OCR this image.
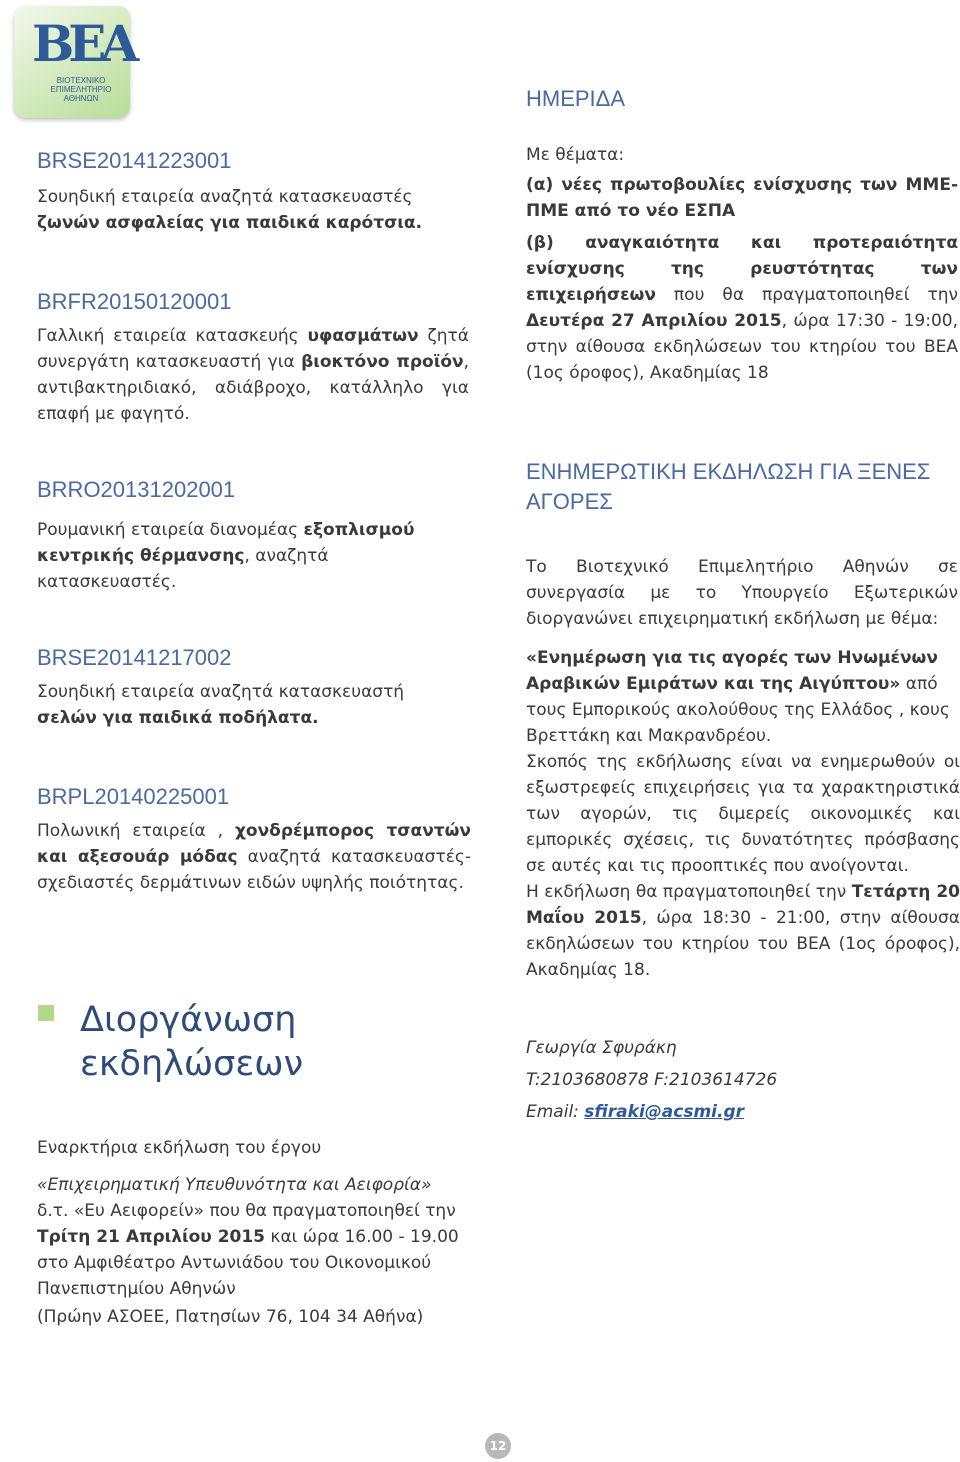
BEA
ΒΙΟΤΕΧΝΙΚΟ
ΕΠΙΜΕΛΗΤΗΡΙΟ
ΑΘΗΝΩΝ
BRSE20141223001
Σουηδική εταιρεία αναζητά κατασκευαστές
ζωνών ασφαλείας για παιδικά καρότσια.
BRFR20150120001
Γαλλική εταιρεία κατασκευής υφασμάτων ζητά συνεργάτη κατασκευαστή για βιοκτόνο προϊόν, αντιβακτηριδιακό, αδιάβροχο, κατάλληλο για επαφή με φαγητό.
BRRO20131202001
Ρουμανική εταιρεία διανομέας εξοπλισμού κεντρικής θέρμανσης, αναζητά κατασκευαστές.
BRSE20141217002
Σουηδική εταιρεία αναζητά κατασκευαστή
σελών για παιδικά ποδήλατα.
BRPL20140225001
Πολωνική εταιρεία , χονδρέμπορος τσαντών και αξεσουάρ μόδας αναζητά κατασκευαστές-σχεδιαστές δερμάτινων ειδών υψηλής ποιότητας.
Διοργάνωση εκδηλώσεων
Εναρκτήρια εκδήλωση του έργου
«Επιχειρηματική Υπευθυνότητα και Αειφορία»
δ.τ. «Ευ Αειφορείν» που θα πραγματοποιηθεί την Τρίτη 21 Απριλίου 2015 και ώρα 16.00 - 19.00 στο Αμφιθέατρο Αντωνιάδου του Οικονομικού Πανεπιστημίου Αθηνών
(Πρώην ΑΣΟΕΕ, Πατησίων 76, 104 34 Αθήνα)
ΗΜΕΡΙΔΑ
Με θέματα:
(α) νέες πρωτοβουλίες ενίσχυσης των ΜΜΕ-ΠΜΕ από το νέο ΕΣΠΑ
(β) αναγκαιότητα και προτεραιότητα ενίσχυσης της ρευστότητας των επιχειρήσεων που θα πραγματοποιηθεί την Δευτέρα 27 Απριλίου 2015, ώρα 17:30 - 19:00, στην αίθουσα εκδηλώσεων του κτηρίου του ΒΕΑ (1ος όροφος), Ακαδημίας 18
ΕΝΗΜΕΡΩΤΙΚΗ ΕΚΔΗΛΩΣΗ ΓΙΑ ΞΕΝΕΣ ΑΓΟΡΕΣ
Το Βιοτεχνικό Επιμελητήριο Αθηνών σε συνεργασία με το Υπουργείο Εξωτερικών διοργανώνει επιχειρηματική εκδήλωση με θέμα:
«Ενημέρωση για τις αγορές των Ηνωμένων Αραβικών Εμιράτων και της Αιγύπτου» από τους Εμπορικούς ακολούθους της Ελλάδος , κους Βρεττάκη και Μακρανδρέου.
Σκοπός της εκδήλωσης είναι να ενημερωθούν οι εξωστρεφείς επιχειρήσεις για τα χαρακτηριστικά των αγορών, τις διμερείς οικονομικές και εμπορικές σχέσεις, τις δυνατότητες πρόσβασης σε αυτές και τις προοπτικές που ανοίγονται.
Η εκδήλωση θα πραγματοποιηθεί την Τετάρτη 20 Μαΐου 2015, ώρα 18:30 - 21:00, στην αίθουσα εκδηλώσεων του κτηρίου του ΒΕΑ (1ος όροφος), Ακαδημίας 18.
Γεωργία Σφυράκη
T:2103680878 F:2103614726
Email: sfiraki@acsmi.gr
12
